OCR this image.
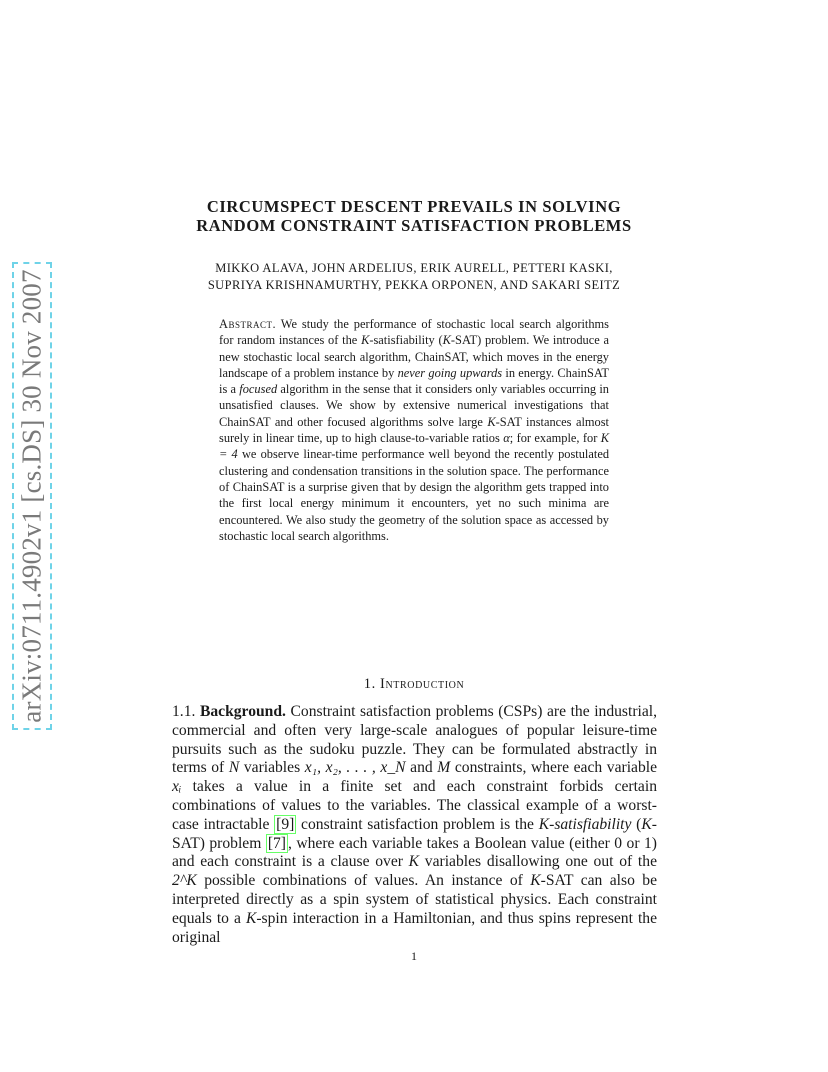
arXiv:0711.4902v1 [cs.DS] 30 Nov 2007
CIRCUMSPECT DESCENT PREVAILS IN SOLVING
RANDOM CONSTRAINT SATISFACTION PROBLEMS
MIKKO ALAVA, JOHN ARDELIUS, ERIK AURELL, PETTERI KASKI,
SUPRIYA KRISHNAMURTHY, PEKKA ORPONEN, AND SAKARI SEITZ
Abstract. We study the performance of stochastic local search algorithms for random instances of the K-satisfiability (K-SAT) problem. We introduce a new stochastic local search algorithm, ChainSAT, which moves in the energy landscape of a problem instance by never going upwards in energy. ChainSAT is a focused algorithm in the sense that it considers only variables occurring in unsatisfied clauses. We show by extensive numerical investigations that ChainSAT and other focused algorithms solve large K-SAT instances almost surely in linear time, up to high clause-to-variable ratios α; for example, for K = 4 we observe linear-time performance well beyond the recently postulated clustering and condensation transitions in the solution space. The performance of ChainSAT is a surprise given that by design the algorithm gets trapped into the first local energy minimum it encounters, yet no such minima are encountered. We also study the geometry of the solution space as accessed by stochastic local search algorithms.
1. Introduction
1.1. Background. Constraint satisfaction problems (CSPs) are the industrial, commercial and often very large-scale analogues of popular leisure-time pursuits such as the sudoku puzzle. They can be formulated abstractly in terms of N variables x₁, x₂, . . . , x_N and M constraints, where each variable xᵢ takes a value in a finite set and each constraint forbids certain combinations of values to the variables. The classical example of a worst-case intractable [9] constraint satisfaction problem is the K-satisfiability (K-SAT) problem [7] , where each variable takes a Boolean value (either 0 or 1) and each constraint is a clause over K variables disallowing one out of the 2^K possible combinations of values. An instance of K-SAT can also be interpreted directly as a spin system of statistical physics. Each constraint equals to a K-spin interaction in a Hamiltonian, and thus spins represent the original
1
